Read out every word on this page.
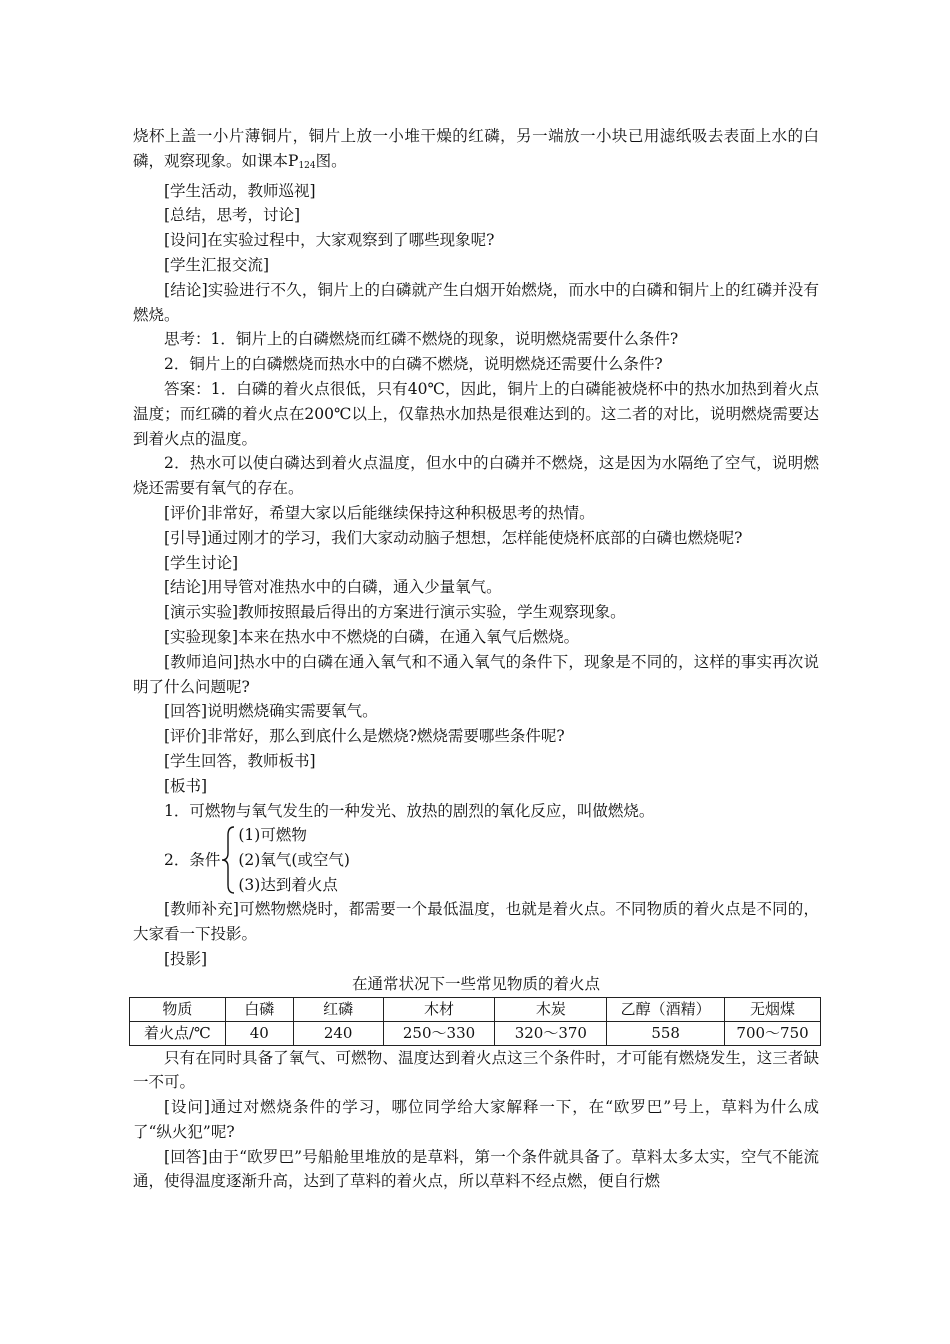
烧杯上盖一小片薄铜片，铜片上放一小堆干燥的红磷，另一端放一小块已用滤纸吸去表面上水的白磷，观察现象。如课本$P_{124}$图。

[学生活动，教师巡视]

[总结，思考，讨论]

[设问]在实验过程中，大家观察到了哪些现象呢?

[学生汇报交流]

[结论]实验进行不久，铜片上的白磷就产生白烟开始燃烧，而水中的白磷和铜片上的红磷并没有燃烧。

思考：1．铜片上的白磷燃烧而红磷不燃烧的现象，说明燃烧需要什么条件?

2．铜片上的白磷燃烧而热水中的白磷不燃烧，说明燃烧还需要什么条件?

答案：1．白磷的着火点很低，只有40℃，因此，铜片上的白磷能被烧杯中的热水加热到着火点温度；而红磷的着火点在200℃以上，仅靠热水加热是很难达到的。这二者的对比，说明燃烧需要达到着火点的温度。

2．热水可以使白磷达到着火点温度，但水中的白磷并不燃烧，这是因为水隔绝了空气，说明燃烧还需要有氧气的存在。

[评价]非常好，希望大家以后能继续保持这种积极思考的热情。

[引导]通过刚才的学习，我们大家动动脑子想想，怎样能使烧杯底部的白磷也燃烧呢?

[学生讨论]

[结论]用导管对准热水中的白磷，通入少量氧气。

[演示实验]教师按照最后得出的方案进行演示实验，学生观察现象。

[实验现象]本来在热水中不燃烧的白磷，在通入氧气后燃烧。

[教师追问]热水中的白磷在通入氧气和不通入氧气的条件下，现象是不同的，这样的事实再次说明了什么问题呢?

[回答]说明燃烧确实需要氧气。

[评价]非常好，那么到底什么是燃烧?燃烧需要哪些条件呢?

[学生回答，教师板书]

[板书]

1．可燃物与氧气发生的一种发光、放热的剧烈的氧化反应，叫做燃烧。

2．条件
(1)可燃物
(2)氧气(或空气)
(3)达到着火点

[教师补充]可燃物燃烧时，都需要一个最低温度，也就是着火点。不同物质的着火点是不同的，大家看一下投影。

[投影]

在通常状况下一些常见物质的着火点

物质	白磷	红磷	木材	木炭	乙醇（酒精）	无烟煤
着火点/℃	40	240	250～330	320～370	558	700～750

只有在同时具备了氧气、可燃物、温度达到着火点这三个条件时，才可能有燃烧发生，这三者缺一不可。

[设问]通过对燃烧条件的学习，哪位同学给大家解释一下，在“欧罗巴”号上，草料为什么成了“纵火犯”呢?

[回答]由于“欧罗巴”号船舱里堆放的是草料，第一个条件就具备了。草料太多太实，空气不能流通，使得温度逐渐升高，达到了草料的着火点，所以草料不经点燃，便自行燃
